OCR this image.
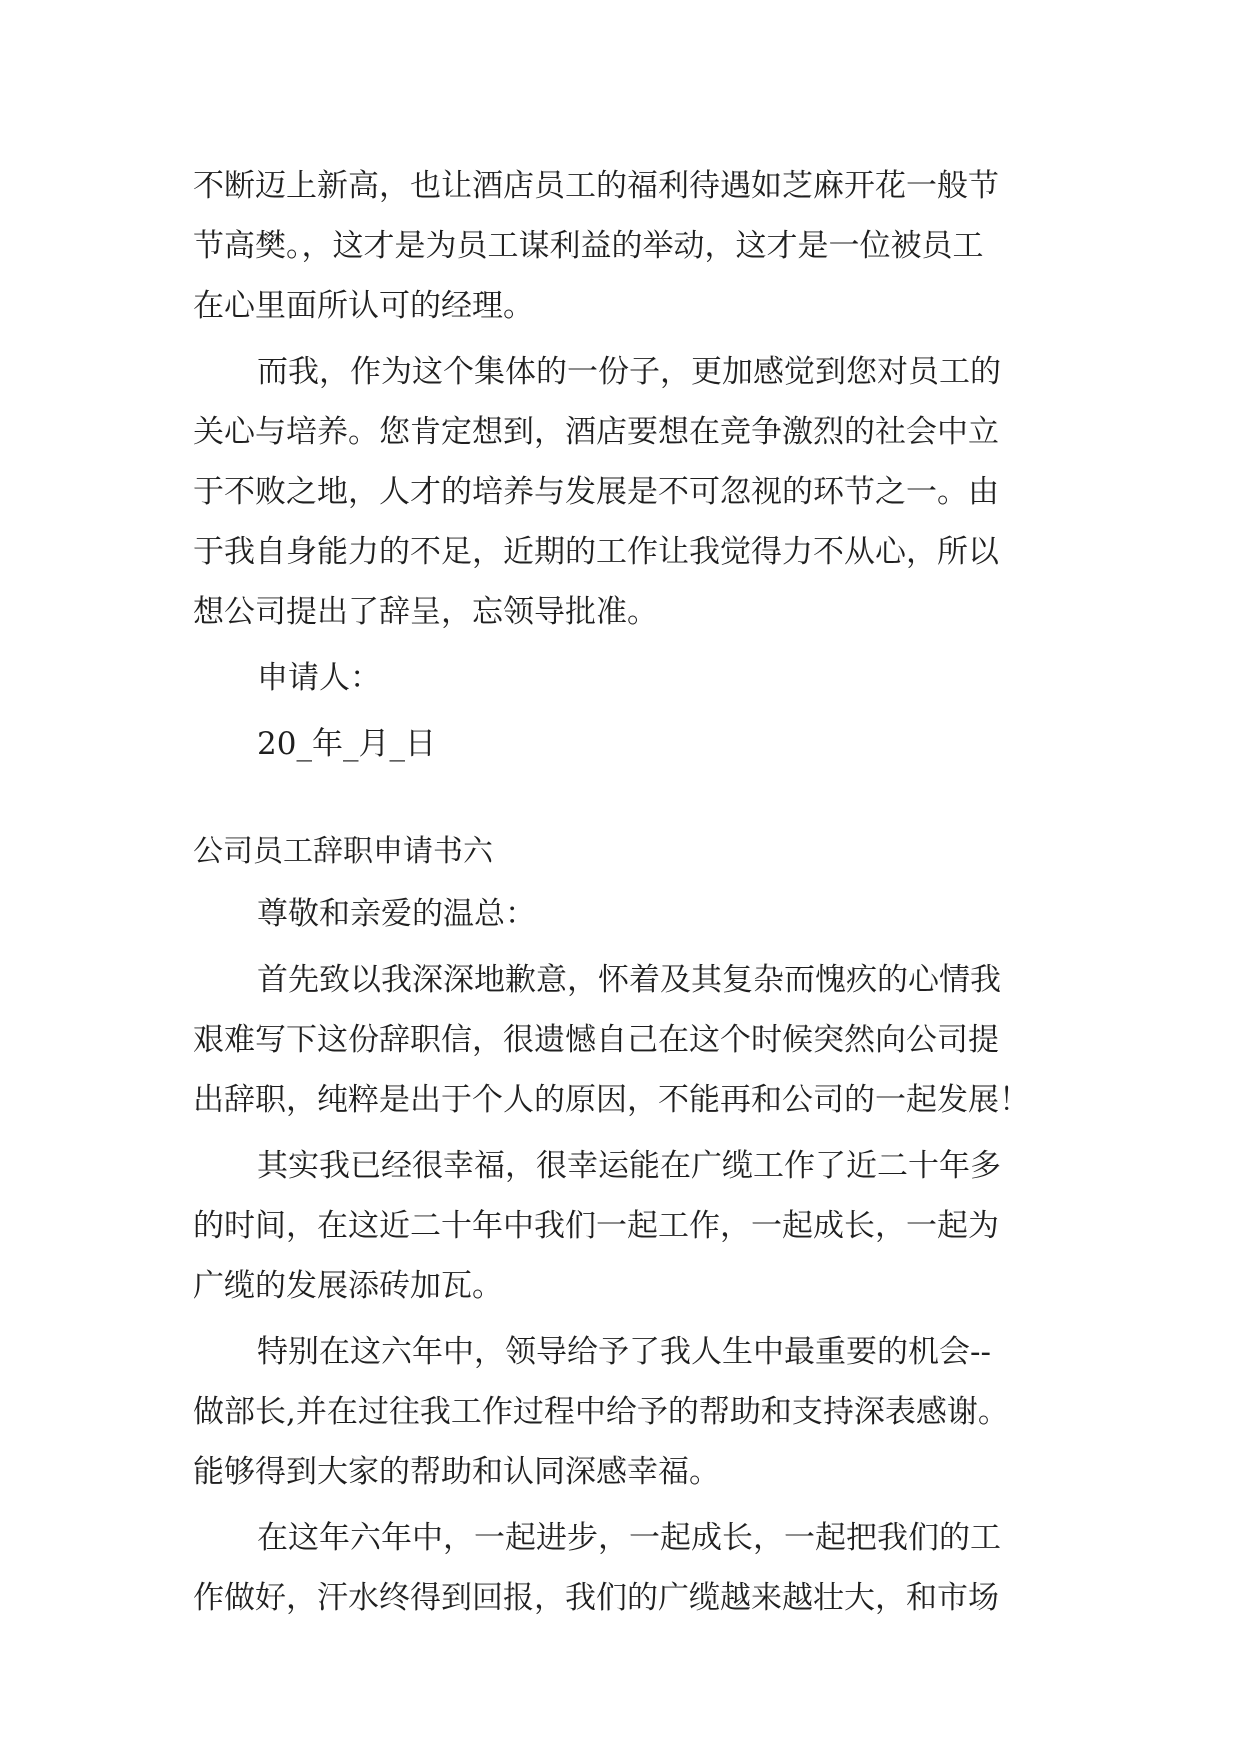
不断迈上新高，也让酒店员工的福利待遇如芝麻开花一般节
节高樊。，这才是为员工谋利益的举动，这才是一位被员工
在心里面所认可的经理。
而我，作为这个集体的一份子，更加感觉到您对员工的
关心与培养。您肯定想到，酒店要想在竞争激烈的社会中立
于不败之地，人才的培养与发展是不可忽视的环节之一。由
于我自身能力的不足，近期的工作让我觉得力不从心，所以
想公司提出了辞呈，忘领导批准。
申请人：
20_年_月_日
公司员工辞职申请书六
尊敬和亲爱的温总：
首先致以我深深地歉意，怀着及其复杂而愧疚的心情我
艰难写下这份辞职信，很遗憾自己在这个时候突然向公司提
出辞职，纯粹是出于个人的原因，不能再和公司的一起发展！
其实我已经很幸福，很幸运能在广缆工作了近二十年多
的时间，在这近二十年中我们一起工作，一起成长，一起为
广缆的发展添砖加瓦。
特别在这六年中，领导给予了我人生中最重要的机会--
做部长,并在过往我工作过程中给予的帮助和支持深表感谢。
能够得到大家的帮助和认同深感幸福。
在这年六年中，一起进步，一起成长，一起把我们的工
作做好，汗水终得到回报，我们的广缆越来越壮大，和市场
